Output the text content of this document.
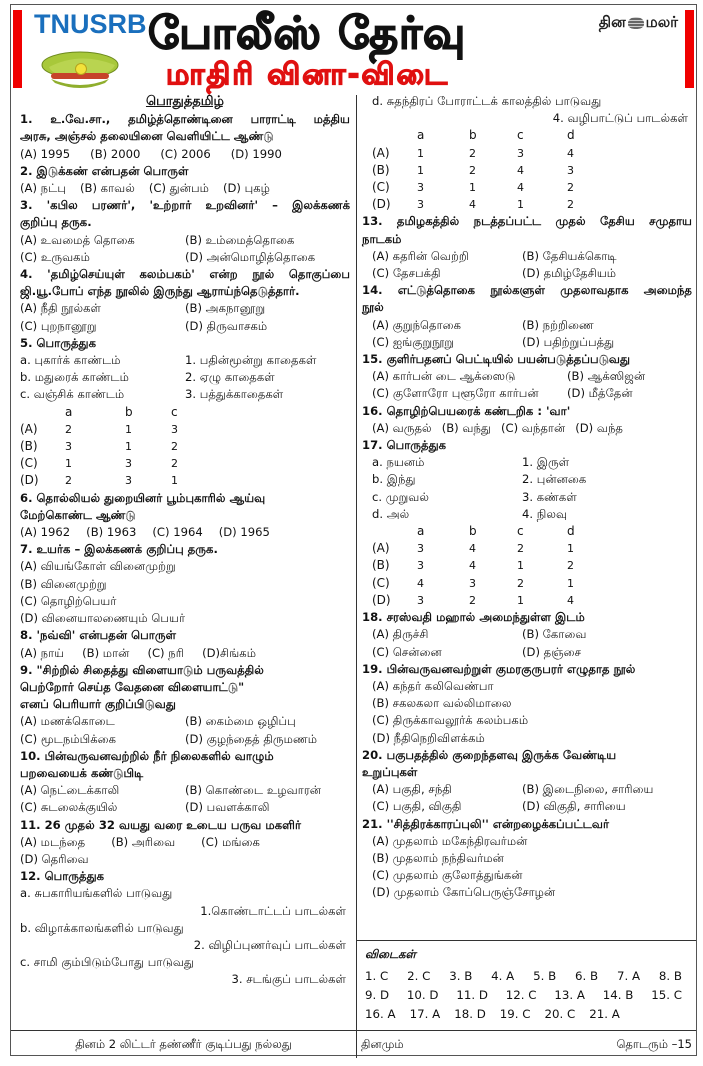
TNUSRB போலீஸ் தேர்வு
மாதிரி வினா-விடை
தின மலர்
பொதுத்தமிழ்
1. உ.வே.சா., தமிழ்த்தொண்டினை பாராட்டி மத்திய
அரசு, அஞ்சல் தலையினை வெளியிட்ட ஆண்டு
(A) 1995 (B) 2000 (C) 2006 (D) 1990
2. இடுக்கண் என்பதன் பொருள்
(A) நட்பு (B) காவல் (C) துன்பம் (D) புகழ்
3. 'கபில பரணர்', 'உற்றார் உறவினர்' – இலக்கணக்
குறிப்பு தருக.
(A) உவமைத் தொகை	(B) உம்மைத்தொகை
(C) உருவகம்	(D) அன்மொழித்தொகை
4. 'தமிழ்செய்யுள் கலம்பகம்' என்ற நூல் தொகுப்பை
ஜி.யூ.போப் எந்த நூலில் இருந்து ஆராய்ந்தெடுத்தார்.
(A) நீதி நூல்கள்	(B) அகநானூறு
(C) புறநானூறு	(D) திருவாசகம்
5. பொருத்துக
a. புகார்க் காண்டம்	1. பதின்மூன்று காதைகள்
b. மதுரைக் காண்டம்	2. ஏழு காதைகள்
c. வஞ்சிக் காண்டம்	3. பத்துக்காதைகள்
a	b	c
(A)	2	1	3
(B)	3	1	2
(C)	1	3	2
(D)	2	3	1
6. தொல்லியல் துறையினர் பூம்புகாரில் ஆய்வு
மேற்கொண்ட ஆண்டு
(A) 1962 (B) 1963 (C) 1964 (D) 1965
7. உயர்க – இலக்கணக் குறிப்பு தருக.
(A) வியங்கோள் வினைமுற்று
(B) வினைமுற்று
(C) தொழிற்பெயர்
(D) வினையாலணையும் பெயர்
8. 'நவ்வி' என்பதன் பொருள்
(A) நாய் (B) மான் (C) நரி (D)சிங்கம்
9. "சிற்றில் சிதைத்து விளையாடும் பருவத்தில்
பெற்றோர் செய்த வேதனை விளையாட்டு"
எனப் பெரியார் குறிப்பிடுவது
(A) மணக்கொடை	(B) கைம்மை ஒழிப்பு
(C) மூடநம்பிக்கை	(D) குழந்தைத் திருமணம்
10. பின்வருவனவற்றில் நீர் நிலைகளில் வாழும்
பறவையைக் கண்டுபிடி
(A) நெட்டைக்காலி	(B) கொண்டை உழவாரன்
(C) சுடலைக்குயில்	(D) பவளக்காலி
11. 26 முதல் 32 வயது வரை உடைய பருவ மகளிர்
(A) மடந்தை (B) அரிவை (C) மங்கை
(D) தெரிவை
12. பொருத்துக
a. சுபகாரியங்களில் பாடுவது
1.கொண்டாட்டப் பாடல்கள்
b. விழாக்காலங்களில் பாடுவது
2. விழிப்புணர்வுப் பாடல்கள்
c. சாமி கும்பிடும்போது பாடுவது
3. சடங்குப் பாடல்கள்
d. சுதந்திரப் போராட்டக் காலத்தில் பாடுவது
4. வழிபாட்டுப் பாடல்கள்
a	b	c	d
(A)	1	2	3	4
(B)	1	2	4	3
(C)	3	1	4	2
(D)	3	4	1	2
13. தமிழகத்தில் நடத்தப்பட்ட முதல் தேசிய சமுதாய
நாடகம்
(A) கதரின் வெற்றி	(B) தேசியக்கொடி
(C) தேசபக்தி	(D) தமிழ்தேசியம்
14. எட்டுத்தொகை நூல்களுள் முதலாவதாக அமைந்த
நூல்
(A) குறுந்தொகை	(B) நற்றிணை
(C) ஐங்குறுநூறு	(D) பதிற்றுப்பத்து
15. குளிர்பதனப் பெட்டியில் பயன்படுத்தப்படுவது
(A) கார்பன் டை ஆக்ஸைடு	(B) ஆக்ஸிஜன்
(C) குளோரோ புளூரோ கார்பன்	(D) மீத்தேன்
16. தொழிற்பெயரைக் கண்டறிக : 'வா'
(A) வருதல் (B) வந்து (C) வந்தான் (D) வந்த
17. பொருத்துக
a. நயனம்	1. இருள்
b. இந்து	2. புன்னகை
c. முறுவல்	3. கண்கள்
d. அல்	4. நிலவு
a	b	c	d
(A)	3	4	2	1
(B)	3	4	1	2
(C)	4	3	2	1
(D)	3	2	1	4
18. சரஸ்வதி மஹால் அமைந்துள்ள இடம்
(A) திருச்சி	(B) கோவை
(C) சென்னை	(D) தஞ்சை
19. பின்வருவனவற்றுள் குமரகுருபரர் எழுதாத நூல்
(A) கந்தர் கலிவெண்பா
(B) சகலகலா வல்லிமாலை
(C) திருக்காவலூர்க் கலம்பகம்
(D) நீதிநெறிவிளக்கம்
20. பகுபதத்தில் குறைந்தளவு இருக்க வேண்டிய
உறுப்புகள்
(A) பகுதி, சந்தி	(B) இடைநிலை, சாரியை
(C) பகுதி, விகுதி	(D) விகுதி, சாரியை
21. ''சித்திரக்காரப்புலி'' என்றழைக்கப்பட்டவர்
(A) முதலாம் மகேந்திரவர்மன்
(B) முதலாம் நந்திவர்மன்
(C) முதலாம் குலோத்துங்கன்
(D) முதலாம் கோப்பெருஞ்சோழன்
விடைகள்
1. C 2. C 3. B 4. A 5. B 6. B 7. A 8. B
9. D 10. D 11. D 12. C 13. A 14. B 15. C
16. A 17. A 18. D 19. C 20. C 21. A
தினம் 2 லிட்டர் தண்ணீர் குடிப்பது நல்லது	தினமும்	தொடரும் –15
